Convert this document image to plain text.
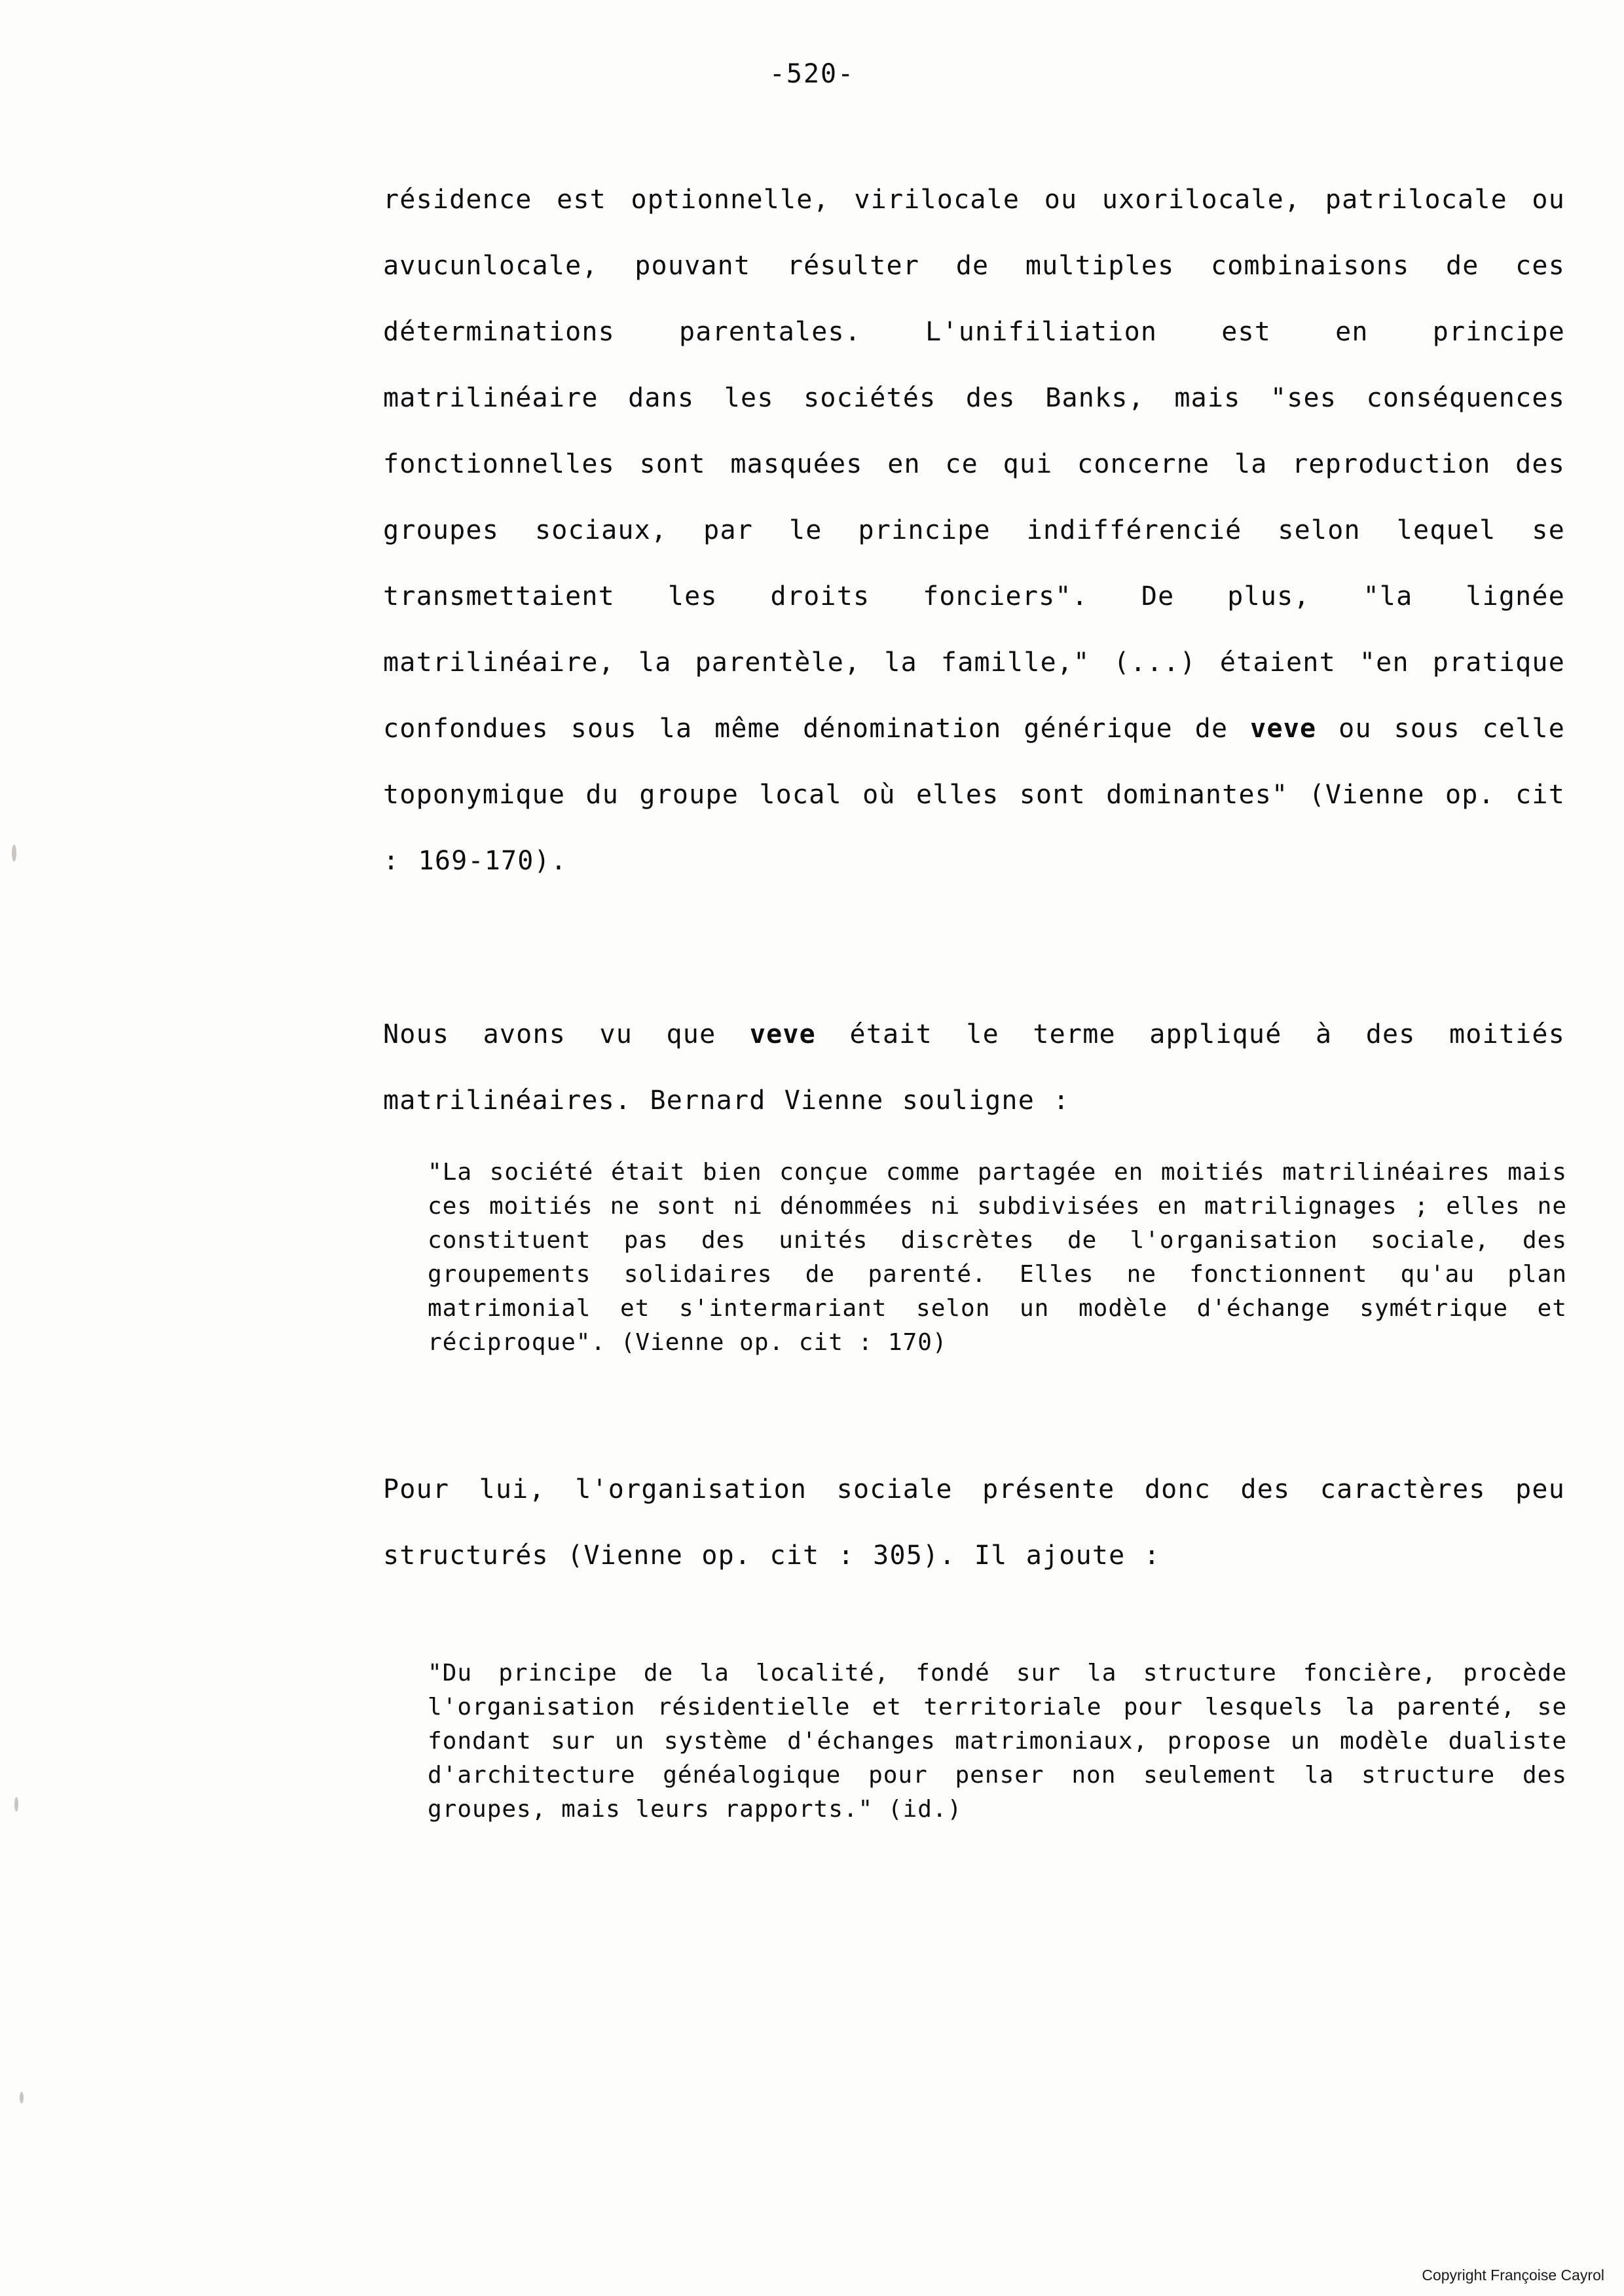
-520-

résidence est optionnelle, virilocale ou uxorilocale, patrilocale ou avucunlocale, pouvant résulter de multiples combinaisons de ces déterminations parentales. L'unifiliation est en principe matrilinéaire dans les sociétés des Banks, mais "ses conséquences fonctionnelles sont masquées en ce qui concerne la reproduction des groupes sociaux, par le principe indifférencié selon lequel se transmettaient les droits fonciers". De plus, "la lignée matrilinéaire, la parentèle, la famille," (...) étaient "en pratique confondues sous la même dénomination générique de veve ou sous celle toponymique du groupe local où elles sont dominantes" (Vienne op. cit : 169-170).

Nous avons vu que veve était le terme appliqué à des moitiés matrilinéaires. Bernard Vienne souligne :

"La société était bien conçue comme partagée en moitiés matrilinéaires mais ces moitiés ne sont ni dénommées ni subdivisées en matrilignages ; elles ne constituent pas des unités discrètes de l'organisation sociale, des groupements solidaires de parenté. Elles ne fonctionnent qu'au plan matrimonial et s'intermariant selon un modèle d'échange symétrique et réciproque". (Vienne op. cit : 170)

Pour lui, l'organisation sociale présente donc des caractères peu structurés (Vienne op. cit : 305). Il ajoute :

"Du principe de la localité, fondé sur la structure foncière, procède l'organisation résidentielle et territoriale pour lesquels la parenté, se fondant sur un système d'échanges matrimoniaux, propose un modèle dualiste d'architecture généalogique pour penser non seulement la structure des groupes, mais leurs rapports." (id.)

Copyright Françoise Cayrol
